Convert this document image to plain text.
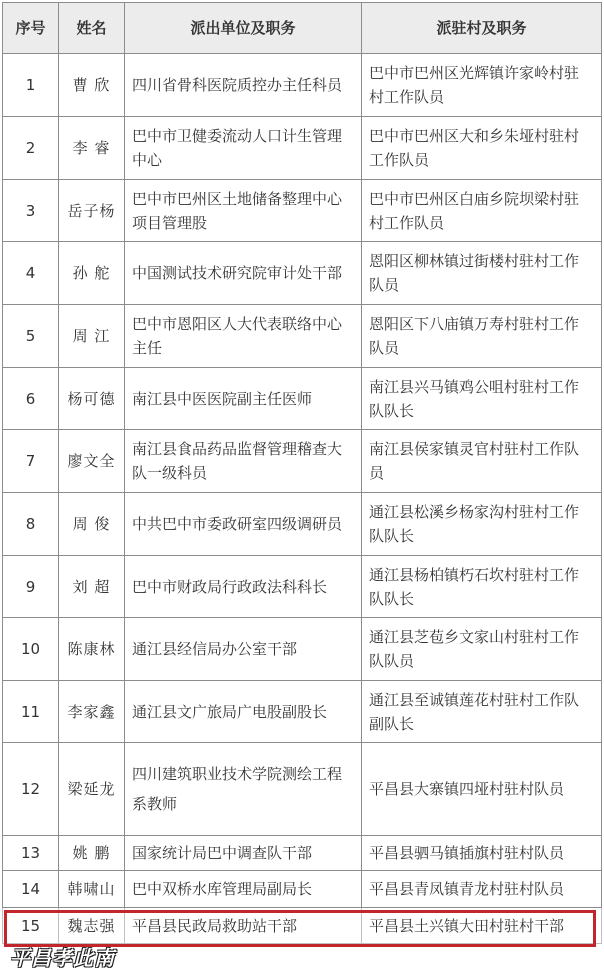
序号	姓名	派出单位及职务	派驻村及职务
1	曹 欣	四川省骨科医院质控办主任科员	巴中市巴州区光辉镇许家岭村驻村工作队员
2	李 睿	巴中市卫健委流动人口计生管理中心	巴中市巴州区大和乡朱垭村驻村工作队员
3	岳子杨	巴中市巴州区土地储备整理中心项目管理股	巴中市巴州区白庙乡院坝梁村驻村工作队员
4	孙 舵	中国测试技术研究院审计处干部	恩阳区柳林镇过街楼村驻村工作队员
5	周 江	巴中市恩阳区人大代表联络中心主任	恩阳区下八庙镇万寿村驻村工作队员
6	杨可德	南江县中医医院副主任医师	南江县兴马镇鸡公咀村驻村工作队队长
7	廖文全	南江县食品药品监督管理稽查大队一级科员	南江县侯家镇灵官村驻村工作队员
8	周 俊	中共巴中市委政研室四级调研员	通江县松溪乡杨家沟村驻村工作队队长
9	刘 超	巴中市财政局行政政法科科长	通江县杨柏镇朽石坎村驻村工作队队长
10	陈康林	通江县经信局办公室干部	通江县芝苞乡文家山村驻村工作队队员
11	李家鑫	通江县文广旅局广电股副股长	通江县至诚镇莲花村驻村工作队副队长
12	梁延龙	四川建筑职业技术学院测绘工程系教师	平昌县大寨镇四垭村驻村队员
13	姚 鹏	国家统计局巴中调查队干部	平昌县驷马镇插旗村驻村队员
14	韩啸山	巴中双桥水库管理局副局长	平昌县青凤镇青龙村驻村队员
15	魏志强	平昌县民政局救助站干部	平昌县土兴镇大田村驻村干部
平昌孝此南
